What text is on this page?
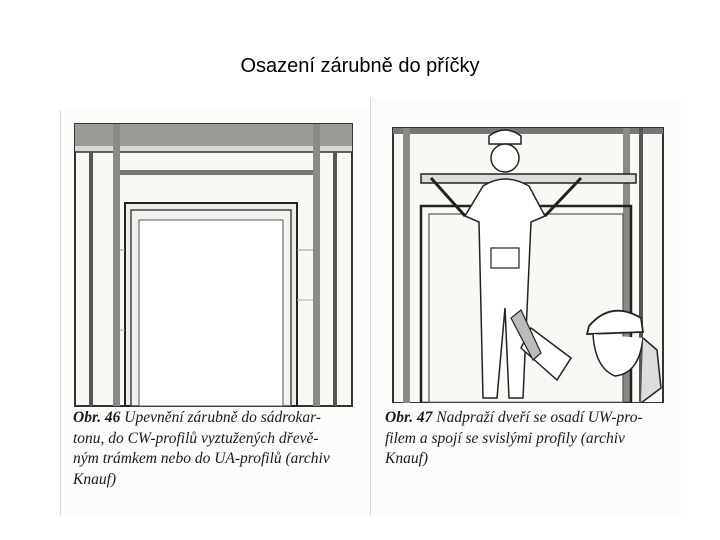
Osazení zárubně do příčky

Obr. 46 Upevnění zárubně do sádrokar-
tonu, do CW-profilů vyztužených dřevě-
ným trámkem nebo do UA-profilů (archiv
Knauf)

Obr. 47 Nadpraží dveří se osadí UW-pro-
filem a spojí se svislými profily (archiv
Knauf)
